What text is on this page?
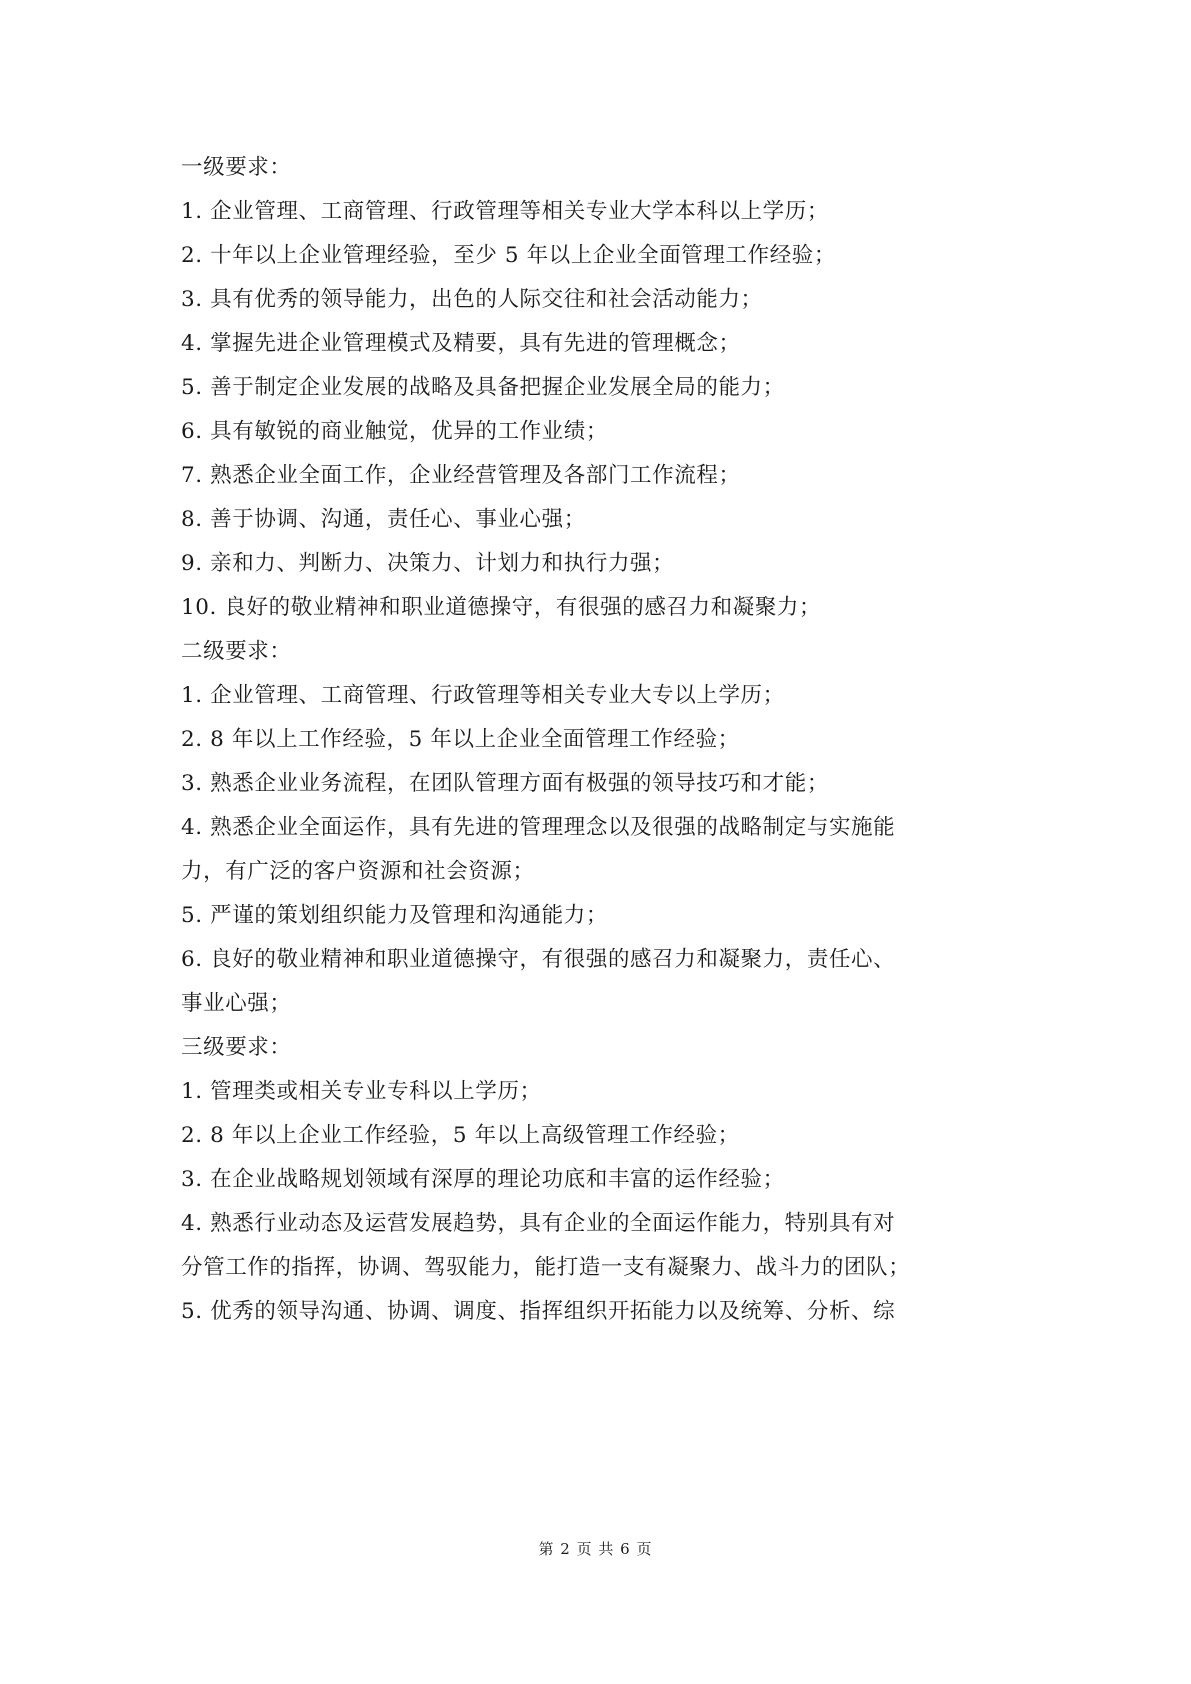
一级要求：
1. 企业管理、工商管理、行政管理等相关专业大学本科以上学历；
2. 十年以上企业管理经验，至少 5 年以上企业全面管理工作经验；
3. 具有优秀的领导能力，出色的人际交往和社会活动能力；
4. 掌握先进企业管理模式及精要，具有先进的管理概念；
5. 善于制定企业发展的战略及具备把握企业发展全局的能力；
6. 具有敏锐的商业触觉，优异的工作业绩；
7. 熟悉企业全面工作，企业经营管理及各部门工作流程；
8. 善于协调、沟通，责任心、事业心强；
9. 亲和力、判断力、决策力、计划力和执行力强；
10. 良好的敬业精神和职业道德操守，有很强的感召力和凝聚力；
二级要求：
1. 企业管理、工商管理、行政管理等相关专业大专以上学历；
2. 8 年以上工作经验，5 年以上企业全面管理工作经验；
3. 熟悉企业业务流程，在团队管理方面有极强的领导技巧和才能；
4. 熟悉企业全面运作，具有先进的管理理念以及很强的战略制定与实施能
力，有广泛的客户资源和社会资源；
5. 严谨的策划组织能力及管理和沟通能力；
6. 良好的敬业精神和职业道德操守，有很强的感召力和凝聚力，责任心、
事业心强；
三级要求：
1. 管理类或相关专业专科以上学历；
2. 8 年以上企业工作经验，5 年以上高级管理工作经验；
3. 在企业战略规划领域有深厚的理论功底和丰富的运作经验；
4. 熟悉行业动态及运营发展趋势，具有企业的全面运作能力，特别具有对
分管工作的指挥，协调、驾驭能力，能打造一支有凝聚力、战斗力的团队；
5. 优秀的领导沟通、协调、调度、指挥组织开拓能力以及统筹、分析、综
第 2 页 共 6 页
